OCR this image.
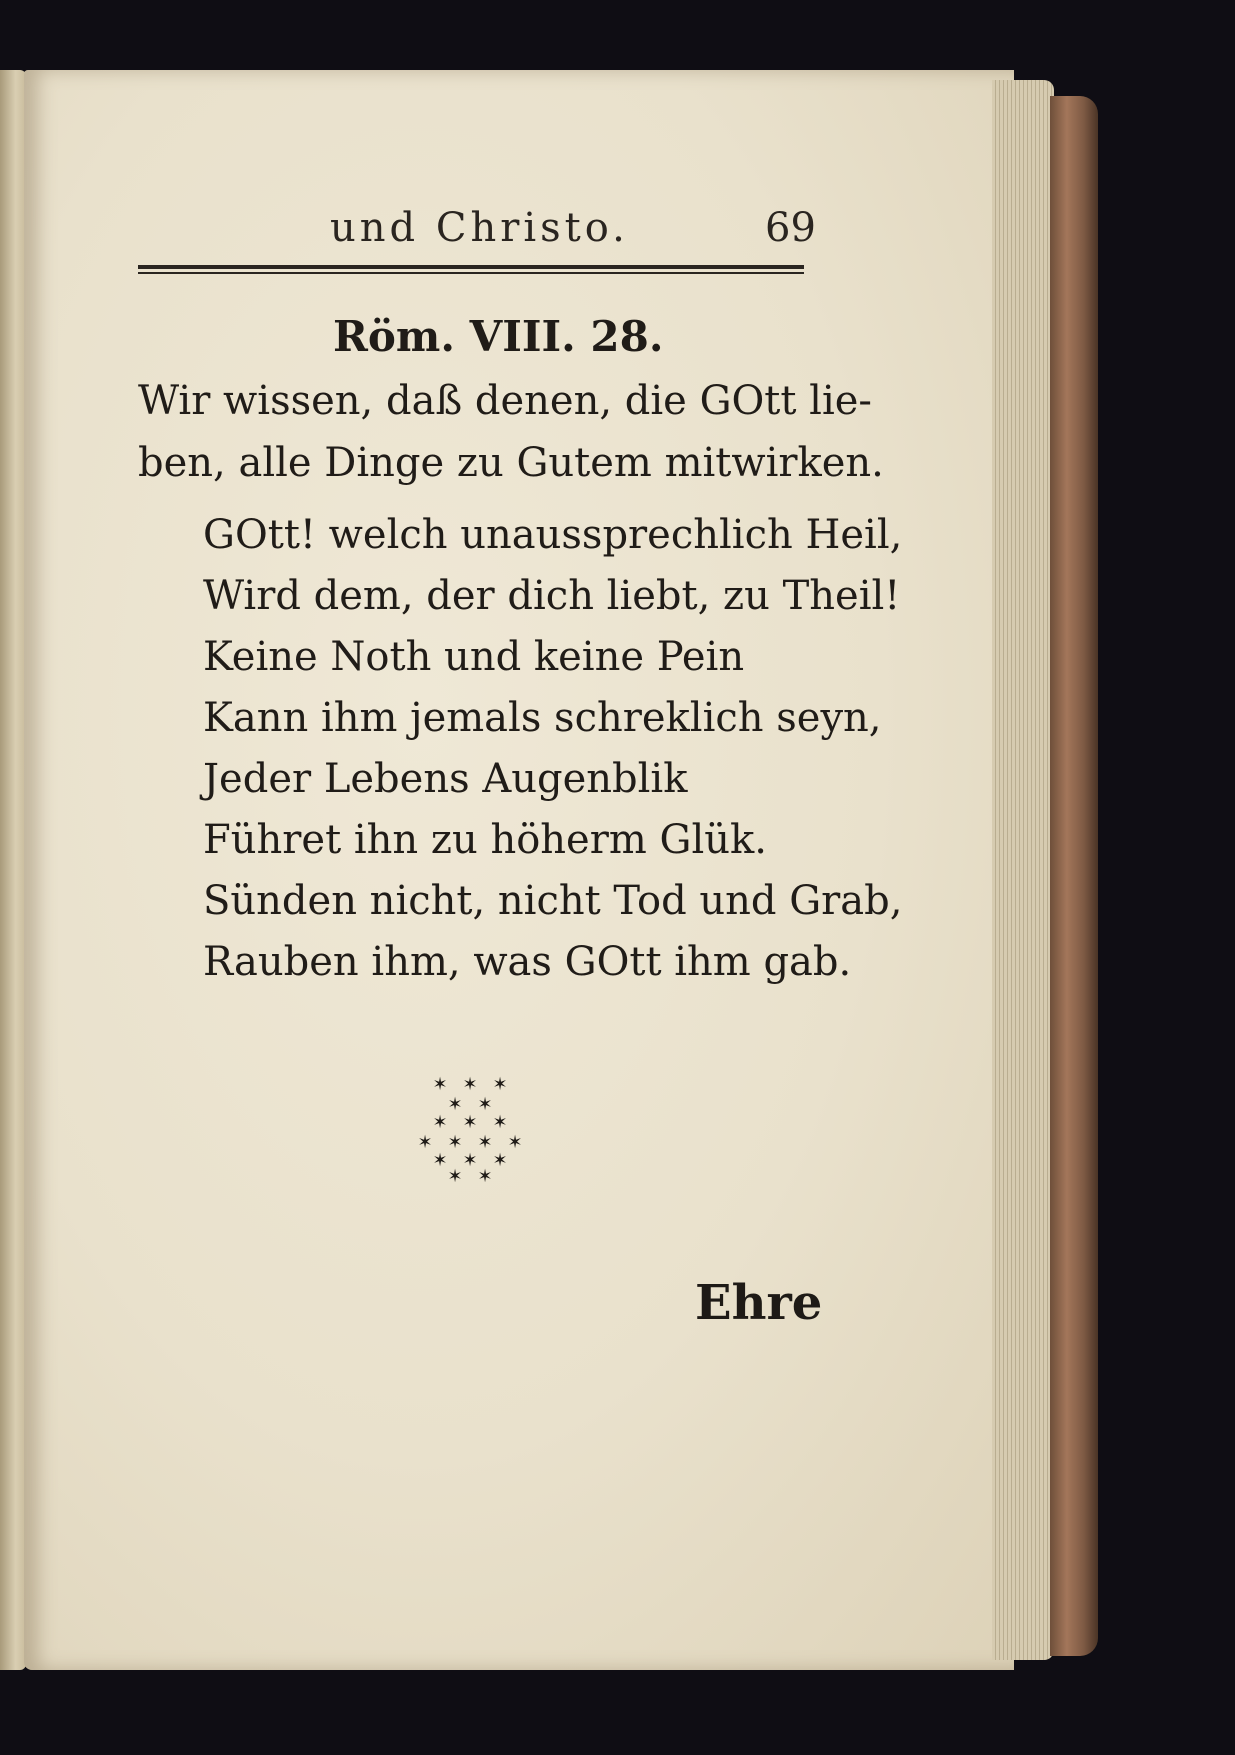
und Christo.	69
Röm. VIII. 28.
Wir wissen, daß denen, die GOtt lie-
ben, alle Dinge zu Gutem mitwirken.
GOtt! welch unaussprechlich Heil,
Wird dem, der dich liebt, zu Theil!
Keine Noth und keine Pein
Kann ihm jemals schreklich seyn,
Jeder Lebens Augenblik
Führet ihn zu höherm Glük.
Sünden nicht, nicht Tod und Grab,
Rauben ihm, was GOtt ihm gab.
✶ ✶ ✶
✶ ✶
✶ ✶ ✶
✶ ✶ ✶ ✶
✶ ✶ ✶
✶ ✶
Ehre
